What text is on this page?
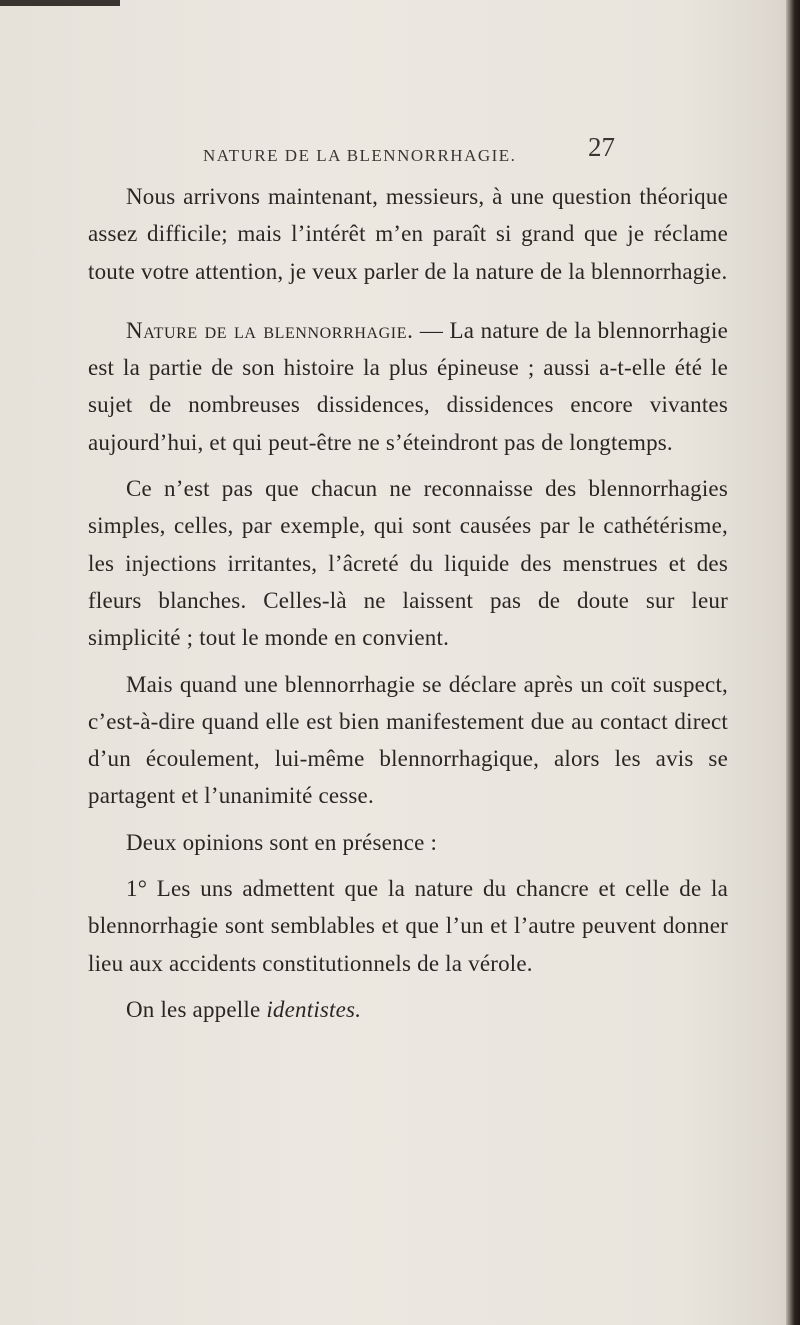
NATURE DE LA BLENNORRHAGIE.	27

Nous arrivons maintenant, messieurs, à une question théorique assez difficile; mais l’intérêt m’en paraît si grand que je réclame toute votre attention, je veux parler de la nature de la blennorrhagie.

Nature de la blennorrhagie. — La nature de la blennorrhagie est la partie de son histoire la plus épineuse ; aussi a-t-elle été le sujet de nombreuses dissidences, dissidences encore vivantes aujourd’hui, et qui peut-être ne s’éteindront pas de longtemps.

Ce n’est pas que chacun ne reconnaisse des blennorrhagies simples, celles, par exemple, qui sont causées par le cathétérisme, les injections irritantes, l’âcreté du liquide des menstrues et des fleurs blanches. Celles-là ne laissent pas de doute sur leur simplicité ; tout le monde en convient.

Mais quand une blennorrhagie se déclare après un coït suspect, c’est-à-dire quand elle est bien manifestement due au contact direct d’un écoulement, lui-même blennorrhagique, alors les avis se partagent et l’unanimité cesse.

Deux opinions sont en présence :

1° Les uns admettent que la nature du chancre et celle de la blennorrhagie sont semblables et que l’un et l’autre peuvent donner lieu aux accidents constitutionnels de la vérole.

On les appelle identistes.
